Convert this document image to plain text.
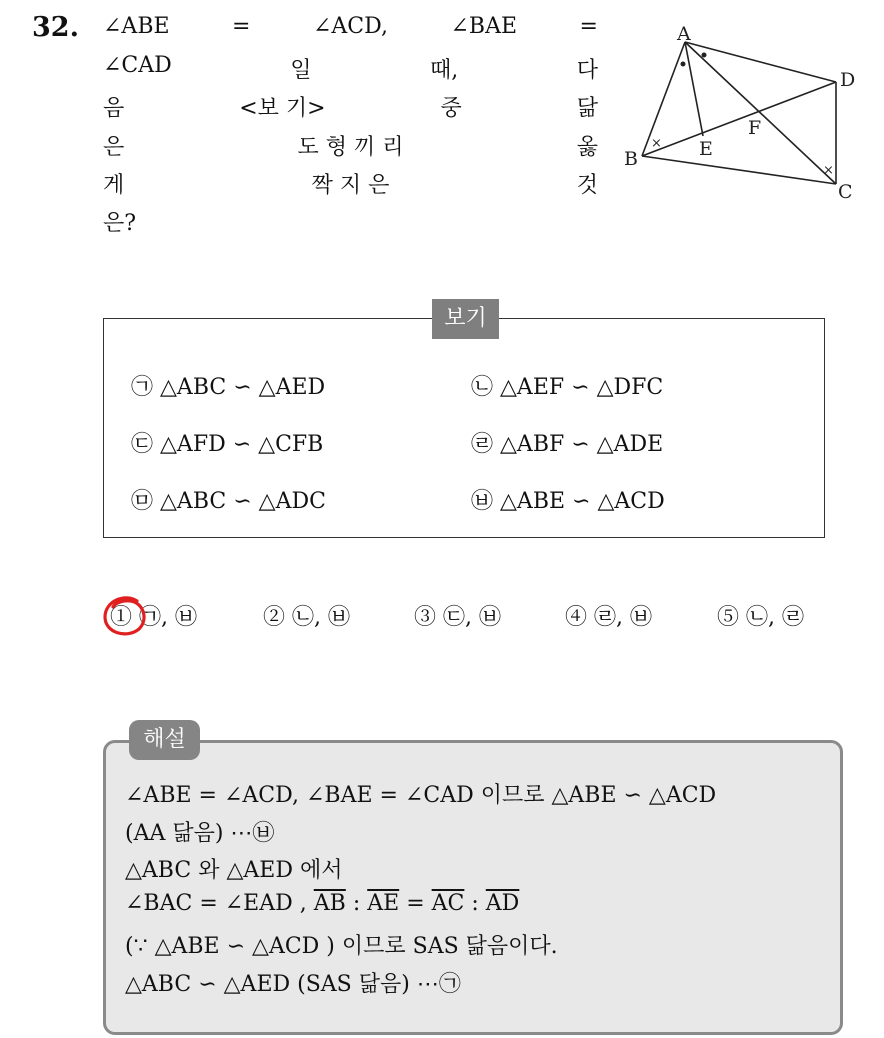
32. ∠ABE	=	∠ACD,	∠BAE	=
∠CAD	일	때,	다
음	<보 기>	중	닮
은	도 형 끼 리	옳
게	짝 지 은	것
은?
×
×
A
B
C
D
E
F
보기
㉠ △ABC ∽ △AED	㉡ △AEF ∽ △DFC
㉢ △AFD ∽ △CFB	㉣ △ABF ∽ △ADE
㉤ △ABC ∽ △ADC	㉥ △ABE ∽ △ACD
① ㉠, ㉥	② ㉡, ㉥	③ ㉢, ㉥	④ ㉣, ㉥	⑤ ㉡, ㉣
해설
∠ABE = ∠ACD, ∠BAE = ∠CAD 이므로 △ABE ∽ △ACD
(AA 닮음) ⋯㉥
△ABC 와 △AED 에서
∠BAC = ∠EAD , $\overline{AB}$ : $\overline{AE} = \overline{AC}$ : $\overline{AD}$
(∵ △ABE ∽ △ACD ) 이므로 SAS 닮음이다.
△ABC ∽ △AED (SAS 닮음) ⋯㉠
